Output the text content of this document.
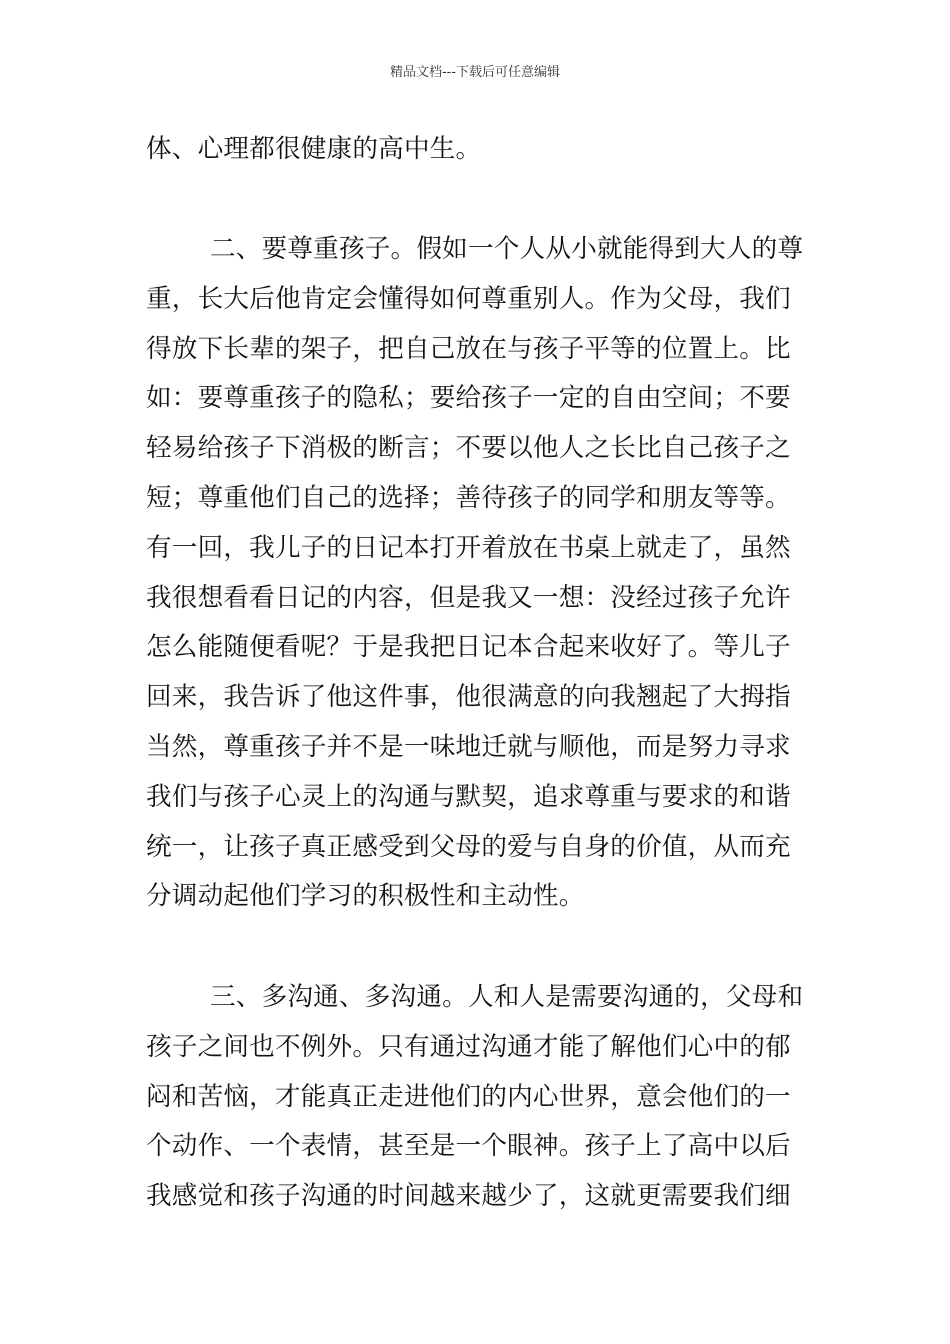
精品文档---下载后可任意编辑
体、心理都很健康的高中生。
二、要尊重孩子。假如一个人从小就能得到大人的尊
重，长大后他肯定会懂得如何尊重别人。作为父母，我们
得放下长辈的架子，把自己放在与孩子平等的位置上。比
如：要尊重孩子的隐私；要给孩子一定的自由空间；不要
轻易给孩子下消极的断言；不要以他人之长比自己孩子之
短；尊重他们自己的选择；善待孩子的同学和朋友等等。
有一回，我儿子的日记本打开着放在书桌上就走了，虽然
我很想看看日记的内容，但是我又一想：没经过孩子允许
怎么能随便看呢？于是我把日记本合起来收好了。等儿子
回来，我告诉了他这件事，他很满意的向我翘起了大拇指
当然，尊重孩子并不是一味地迁就与顺他，而是努力寻求
我们与孩子心灵上的沟通与默契，追求尊重与要求的和谐
统一，让孩子真正感受到父母的爱与自身的价值，从而充
分调动起他们学习的积极性和主动性。
三、多沟通、多沟通。人和人是需要沟通的，父母和
孩子之间也不例外。只有通过沟通才能了解他们心中的郁
闷和苦恼，才能真正走进他们的内心世界，意会他们的一
个动作、一个表情，甚至是一个眼神。孩子上了高中以后
我感觉和孩子沟通的时间越来越少了，这就更需要我们细
